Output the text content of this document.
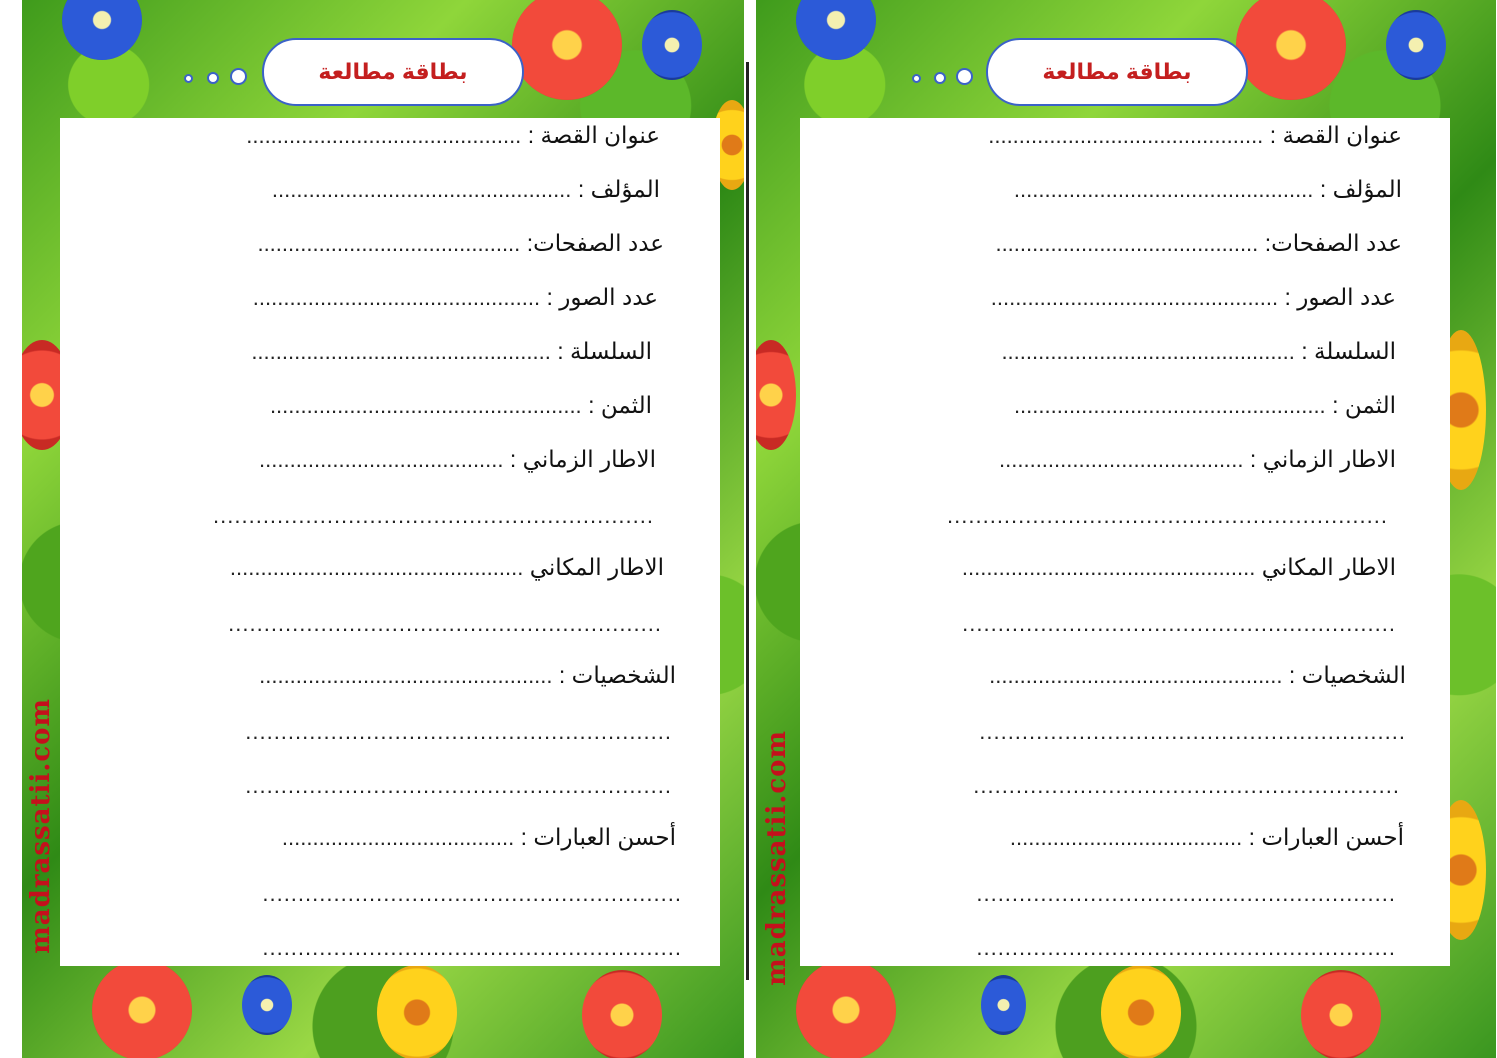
بطاقة مطالعة
عنوان القصة : .............................................
المؤلف : .................................................
عدد الصفحات: ...........................................
عدد الصور : ...............................................
السلسلة : .................................................
الثمن : ...................................................
الاطار الزماني : ........................................
..............................................................
الاطار المكاني ................................................
.............................................................
الشخصيات : ................................................
............................................................
............................................................
أحسن العبارات : ......................................
...........................................................
...........................................................
madrassatii.com
بطاقة مطالعة
عنوان القصة : .............................................
المؤلف : .................................................
عدد الصفحات: ...........................................
عدد الصور : ...............................................
السلسلة : ................................................
الثمن : ...................................................
الاطار الزماني : ........................................
..............................................................
الاطار المكاني ................................................
.............................................................
الشخصيات : ................................................
............................................................
............................................................
أحسن العبارات : ......................................
...........................................................
...........................................................
madrassatii.com
